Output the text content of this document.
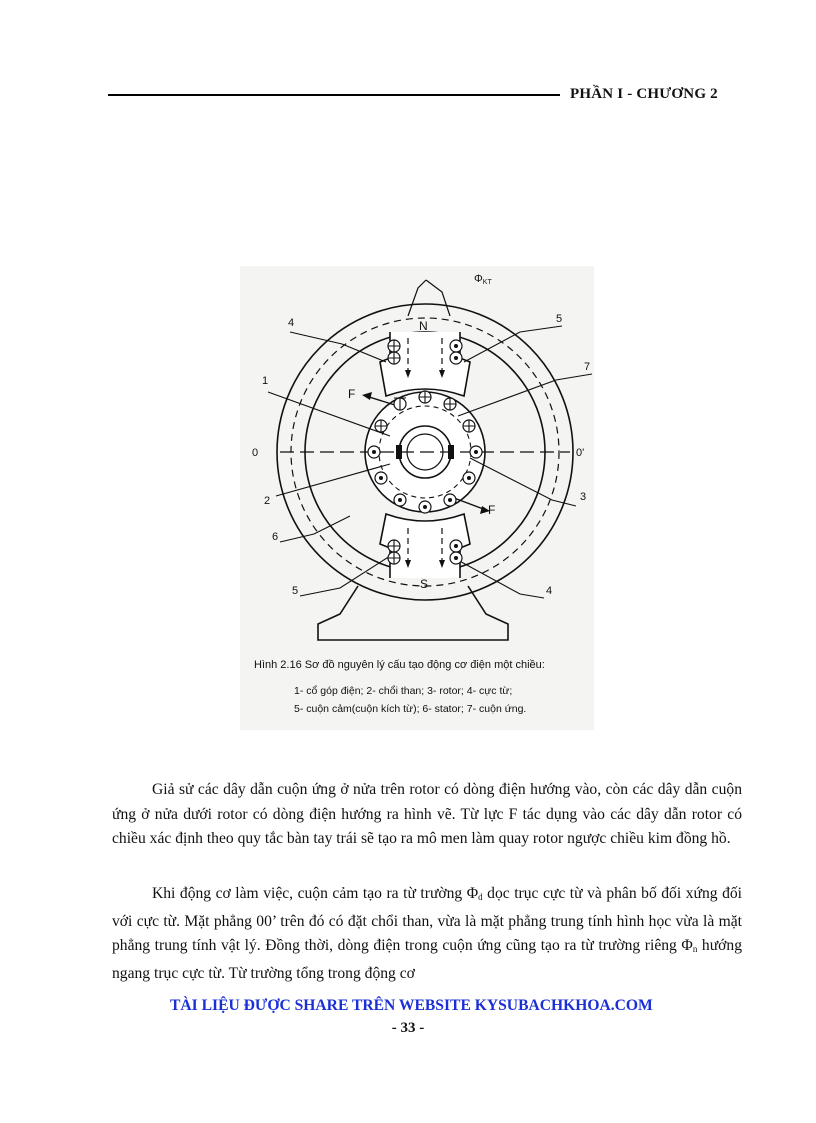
PHẦN I - CHƯƠNG 2
ΦKT
N
S
0	0'
F
F
1
2	3
4
4
5
5
6
7
Hình 2.16 Sơ đồ nguyên lý cấu tạo động cơ điện một chiều:
1- cổ góp điện; 2- chổi than; 3- rotor; 4- cực từ;
5- cuộn cảm(cuộn kích từ); 6- stator; 7- cuộn ứng.

Giả sử các dây dẫn cuộn ứng ở nửa trên rotor có dòng điện hướng vào, còn các dây dẫn cuộn ứng ở nửa dưới rotor có dòng điện hướng ra hình vẽ. Từ lực F tác dụng vào các dây dẫn rotor có chiều xác định theo quy tắc bàn tay trái sẽ tạo ra mô men làm quay rotor ngược chiều kim đồng hồ.

Khi động cơ làm việc, cuộn cảm tạo ra từ trường $\Phi_d$ dọc trục cực từ và phân bố đối xứng đối với cực từ. Mặt phẳng 00’ trên đó có đặt chổi than, vừa là mặt phẳng trung tính hình học vừa là mặt phẳng trung tính vật lý. Đồng thời, dòng điện trong cuộn ứng cũng tạo ra từ trường riêng $\Phi_n$ hướng ngang trục cực từ. Từ trường tổng trong động cơ

TÀI LIỆU ĐƯỢC SHARE TRÊN WEBSITE KYSUBACHKHOA.COM
- 33 -
